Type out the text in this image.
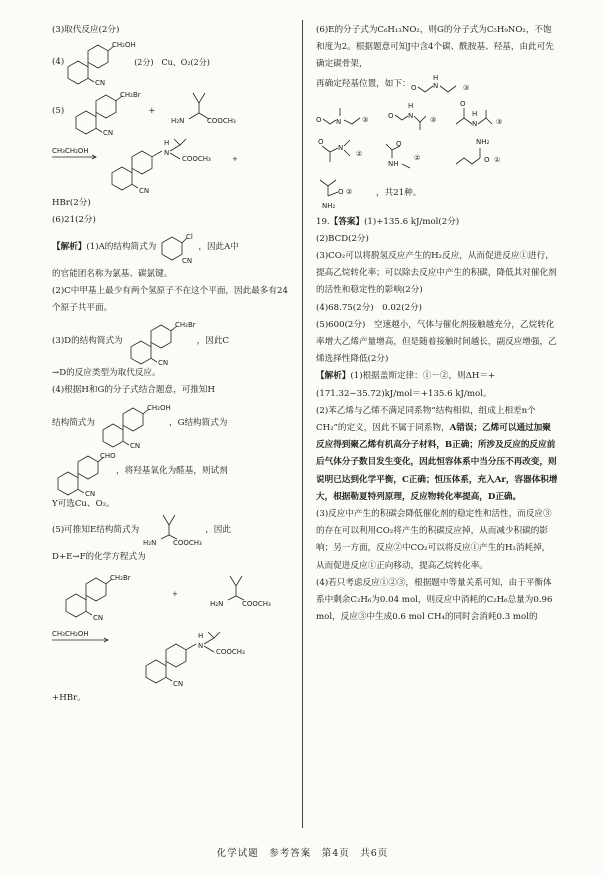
(3)取代反应(2分)
(4)
CH₂OH
CN
(2分)　Cu、O₂(2分)
(5)
CH₂Br
CN
+
H₂N	COOCH₃
CH₃CH₂OH	N
H
COOCH₃
CN
+
HBr(2分)
(6)21(2分)
【解析】 (1)A的结构简式为
Cl
CN
，因此A中
的官能团名称为氯基、碳氯键。

(2)C中甲基上最少有两个氢原子不在这个平面，因此最多有24个原子共平面。

(3)D的结构简式为
CH₂Br
CN
，因此C
→D的反应类型为取代反应。
(4)根据H和G的分子式结合题意，可推知H
结构简式为
CH₂OH
CN
，G结构简式为
CHO
CN
，将羟基氧化为醛基，则试剂
Y可选Cu、O₂。
(5)可推知E结构简式为
H₂N COOCH₃
，因此
D+E→F的化学方程式为
CH₂Br
CN
+
H₂N	COOCH₃
CH₃CH₂OH
N
H
COOCH₃
CN
+HBr。

(6)E的分子式为C₆H₁₃NO₂，则G的分子式为C₅H₉NO₂，不饱和度为2。根据题意可知J中含4个碳、酰胺基、羟基，由此可先确定碳骨架，

再确定羟基位置，如下： O N
H
③
O N	③	O N
H
③
O
N
H
③
O
N
②
O
NH
②
NH₂
O ①
O ②
NH₂
，共21种。
19.【答案】(1)+135.6 kJ/mol(2分)
(2)BCD(2分)

(3)CO₂可以将脱氢反应产生的H₂反应，从而促进反应①进行，提高乙烷转化率；可以除去反应中产生的积碳，降低其对催化剂的活性和稳定性的影响(2分)

(4)68.75(2分)　0.02(2分)

(5)600(2分)　空速越小，气体与催化剂接触越充分，乙烷转化率增大乙烯产量增高，但是随着接触时间越长，副反应增强，乙烯选择性降低(2分)

【解析】(1)根据盖斯定律：①－②，则ΔH＝+(171.32−35.72)kJ/mol＝+135.6 kJ/mol。

(2)苯乙烯与乙烯不满足同系物“结构相似，组成上相差n个CH₂”的定义，因此不属于同系物，A错误；乙烯可以通过加聚反应得到聚乙烯有机高分子材料，B正确；所涉及反应的反应前后气体分子数目发生变化，因此恒容体系中当分压不再改变，则说明已达到化学平衡，C正确；恒压体系，充入Ar，容器体积增大，根据勒夏特列原理，反应物转化率提高，D正确。

(3)反应中产生的积碳会降低催化剂的稳定性和活性，而反应③的存在可以利用CO₂将产生的积碳反应掉，从而减少积碳的影响；另一方面，反应②中CO₂可以将反应①产生的H₂消耗掉，从而促进反应①正向移动，提高乙烷转化率。

(4)若只考虑反应①②③，根据题中等量关系可知，由于平衡体系中剩余C₂H₆为0.04 mol，则反应中消耗的C₂H₆总量为0.96 mol，反应③中生成0.6 mol CH₄的同时会消耗0.3 mol的

化学试题　参考答案　第4页　共6页
